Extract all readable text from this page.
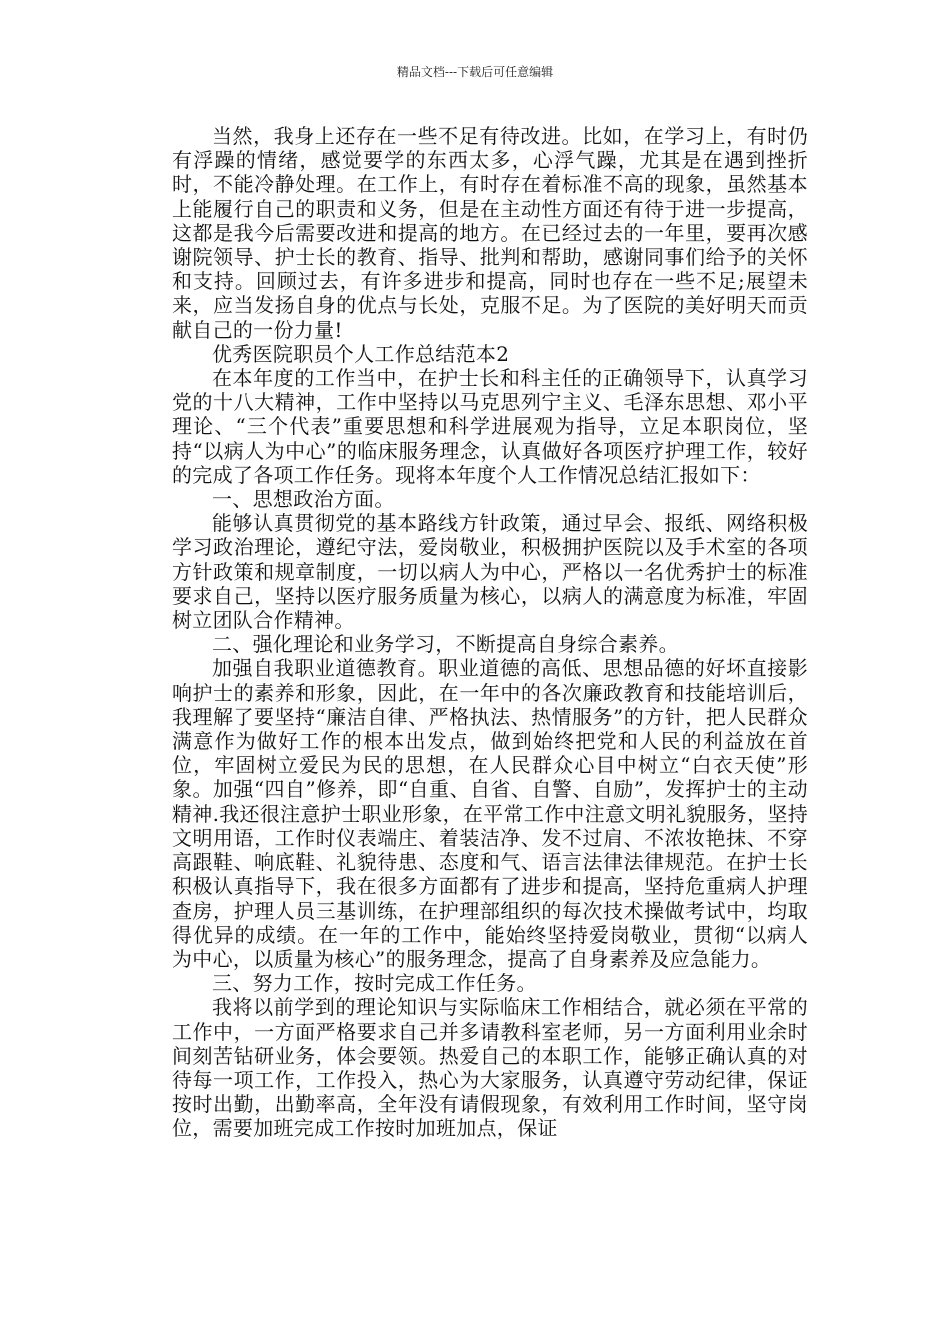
精品文档---下载后可任意编辑

当然，我身上还存在一些不足有待改进。比如，在学习上，有时仍有浮躁的情绪，感觉要学的东西太多，心浮气躁，尤其是在遇到挫折时，不能冷静处理。在工作上，有时存在着标准不高的现象，虽然基本上能履行自己的职责和义务，但是在主动性方面还有待于进一步提高，这都是我今后需要改进和提高的地方。在已经过去的一年里，要再次感谢院领导、护士长的教育、指导、批判和帮助，感谢同事们给予的关怀和支持。回顾过去，有许多进步和提高，同时也存在一些不足;展望未来，应当发扬自身的优点与长处，克服不足。为了医院的美好明天而贡献自己的一份力量!

优秀医院职员个人工作总结范本2

在本年度的工作当中，在护士长和科主任的正确领导下，认真学习党的十八大精神，工作中坚持以马克思列宁主义、毛泽东思想、邓小平理论、“三个代表”重要思想和科学进展观为指导，立足本职岗位，坚持“以病人为中心”的临床服务理念，认真做好各项医疗护理工作，较好的完成了各项工作任务。现将本年度个人工作情况总结汇报如下：

一、思想政治方面。

能够认真贯彻党的基本路线方针政策，通过早会、报纸、网络积极学习政治理论，遵纪守法，爱岗敬业，积极拥护医院以及手术室的各项方针政策和规章制度，一切以病人为中心，严格以一名优秀护士的标准要求自己，坚持以医疗服务质量为核心，以病人的满意度为标准，牢固树立团队合作精神。

二、强化理论和业务学习，不断提高自身综合素养。

加强自我职业道德教育。职业道德的高低、思想品德的好坏直接影响护士的素养和形象，因此，在一年中的各次廉政教育和技能培训后，我理解了要坚持“廉洁自律、严格执法、热情服务”的方针，把人民群众满意作为做好工作的根本出发点，做到始终把党和人民的利益放在首位，牢固树立爱民为民的思想，在人民群众心目中树立“白衣天使”形象。加强“四自”修养，即“自重、自省、自警、自励”，发挥护士的主动精神.我还很注意护士职业形象，在平常工作中注意文明礼貌服务，坚持文明用语，工作时仪表端庄、着装洁净、发不过肩、不浓妆艳抹、不穿高跟鞋、响底鞋、礼貌待患、态度和气、语言法律法律规范。在护士长积极认真指导下，我在很多方面都有了进步和提高，坚持危重病人护理查房，护理人员三基训练，在护理部组织的每次技术操做考试中，均取得优异的成绩。在一年的工作中，能始终坚持爱岗敬业，贯彻“以病人为中心，以质量为核心”的服务理念，提高了自身素养及应急能力。

三、努力工作，按时完成工作任务。

我将以前学到的理论知识与实际临床工作相结合，就必须在平常的工作中，一方面严格要求自己并多请教科室老师，另一方面利用业余时间刻苦钻研业务，体会要领。热爱自己的本职工作，能够正确认真的对待每一项工作，工作投入，热心为大家服务，认真遵守劳动纪律，保证按时出勤，出勤率高，全年没有请假现象，有效利用工作时间，坚守岗位，需要加班完成工作按时加班加点，保证
